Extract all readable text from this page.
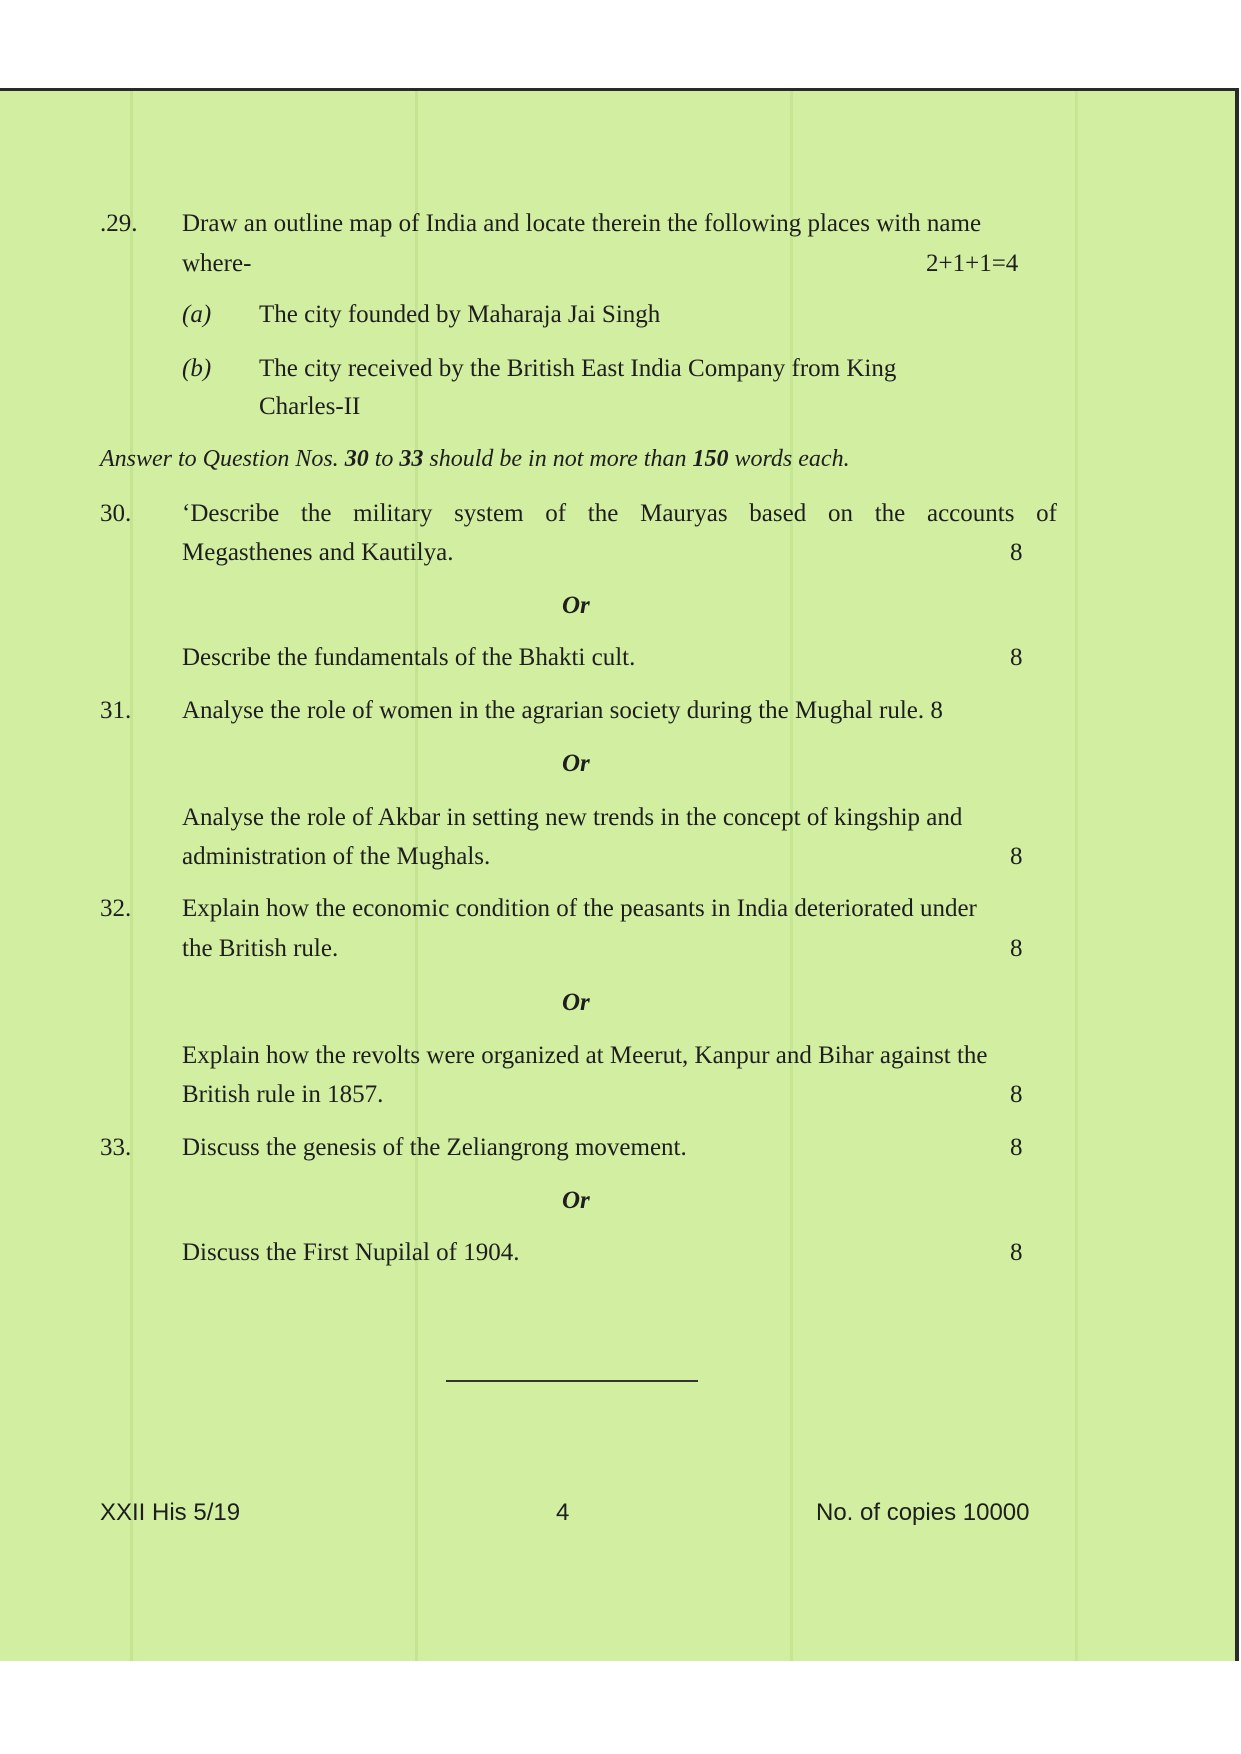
.29. Draw an outline map of India and locate therein the following places with name
where-	2+1+1=4
(a) The city founded by Maharaja Jai Singh
(b) The city received by the British East India Company from King
Charles-II
Answer to Question Nos. 30 to 33 should be in not more than 150 words each.
30. ‘Describe the military system of the Mauryas based on the accounts of
Megasthenes and Kautilya.	8
Or
Describe the fundamentals of the Bhakti cult.	8
31. Analyse the role of women in the agrarian society during the Mughal rule. 8
Or
Analyse the role of Akbar in setting new trends in the concept of kingship and
administration of the Mughals.	8
32. Explain how the economic condition of the peasants in India deteriorated under
the British rule.	8
Or
Explain how the revolts were organized at Meerut, Kanpur and Bihar against the
British rule in 1857.	8
33. Discuss the genesis of the Zeliangrong movement.	8
Or
Discuss the First Nupilal of 1904.	8
XXII His 5/19	4	No. of copies 10000
